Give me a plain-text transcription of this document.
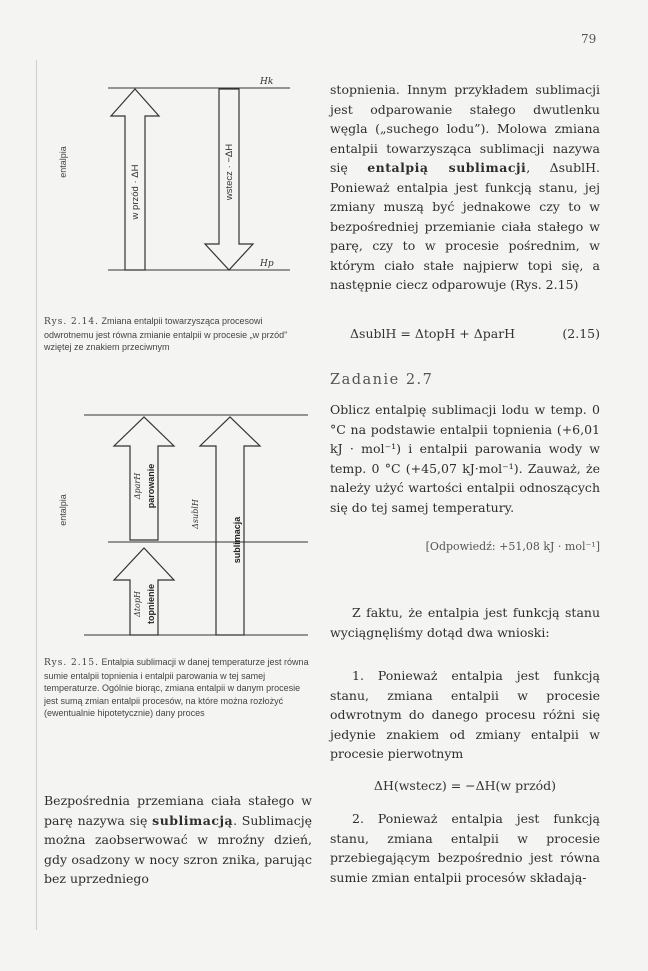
79
entalpia
Hk
Hp
w przód · ΔH	wstecz · −ΔH
Rys. 2.14. Zmiana entalpii towarzysząca procesowi odwrotnemu jest równa zmianie entalpii w procesie „w przód” wziętej ze znakiem przeciwnym
entalpia
ΔtopH topnienie
ΔparH parowanie
ΔsublH
sublimacja
Rys. 2.15. Entalpia sublimacji w danej temperaturze jest równa sumie entalpii topnienia i entalpii parowania w tej samej temperaturze. Ogólnie biorąc, zmiana entalpii w danym procesie jest sumą zmian entalpii procesów, na które można rozłożyć (ewentualnie hipotetycznie) dany proces
Bezpośrednia przemiana ciała stałego w parę nazywa się sublimacją. Sublimację można zaobserwować w mroźny dzień, gdy osadzony w nocy szron znika, parując bez uprzedniego
stopnienia. Innym przykładem sublimacji jest odparowanie stałego dwutlenku węgla („suchego lodu”). Molowa zmiana entalpii towarzysząca sublimacji nazywa się entalpią sublimacji, ΔsublH. Ponieważ entalpia jest funkcją stanu, jej zmiany muszą być jednakowe czy to w bezpośredniej przemianie ciała stałego w parę, czy to w procesie pośrednim, w którym ciało stałe najpierw topi się, a następnie ciecz odparowuje (Rys. 2.15)
ΔsublH = ΔtopH + ΔparH	(2.15)
Zadanie 2.7
Oblicz entalpię sublimacji lodu w temp. 0 °C na podstawie entalpii topnienia (+6,01 kJ · mol⁻¹) i entalpii parowania wody w temp. 0 °C (+45,07 kJ·mol⁻¹). Zauważ, że należy użyć wartości entalpii odnoszących się do tej samej temperatury.
[Odpowiedź: +51,08 kJ · mol⁻¹]
Z faktu, że entalpia jest funkcją stanu wyciągnęliśmy dotąd dwa wnioski:
1. Ponieważ entalpia jest funkcją stanu, zmiana entalpii w procesie odwrotnym do danego procesu różni się jedynie znakiem od zmiany entalpii w procesie pierwotnym
ΔH(wstecz) = −ΔH(w przód)
2. Ponieważ entalpia jest funkcją stanu, zmiana entalpii w procesie przebiegającym bezpośrednio jest równa sumie zmian entalpii procesów składają-
